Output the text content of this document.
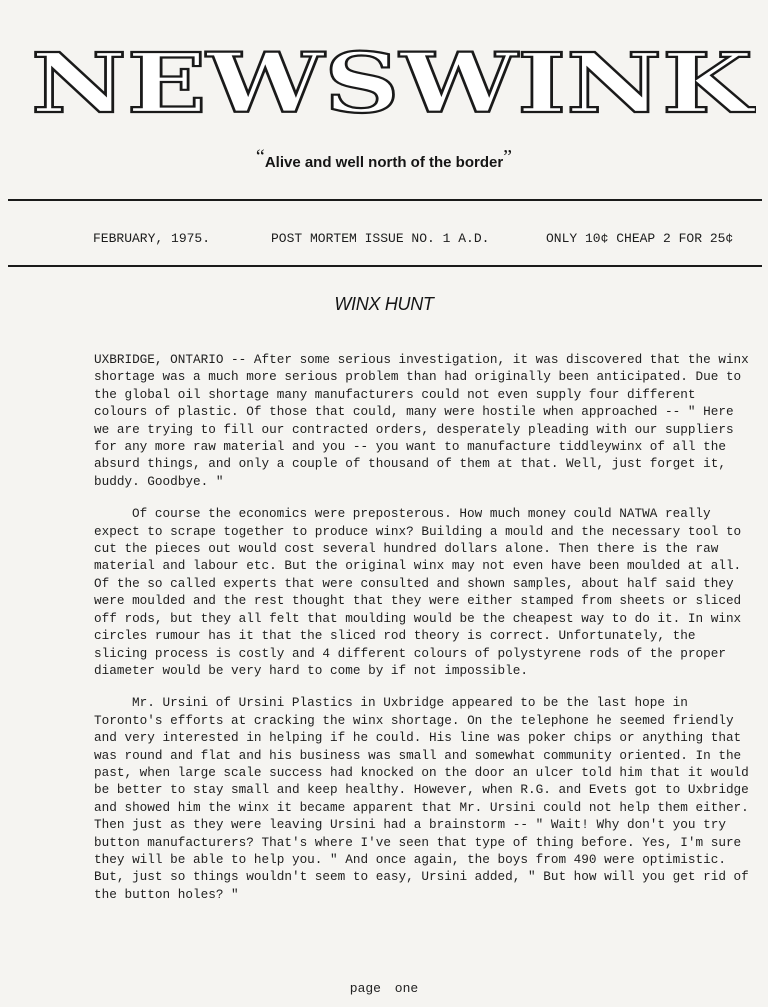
NEWSWINK
“Alive and well north of the border”
FEBRUARY, 1975.	POST MORTEM ISSUE NO. 1 A.D.	ONLY 10¢ CHEAP 2 FOR 25¢
WINX HUNT

UXBRIDGE, ONTARIO -- After some serious investigation, it was discovered that the winx shortage was a much more serious problem than had originally been anticipated. Due to the global oil shortage many manufacturers could not even supply four different colours of plastic. Of those that could, many were hostile when approached -- " Here we are trying to fill our contracted orders, desperately pleading with our suppliers for any more raw material and you -- you want to manufacture tiddleywinx of all the absurd things, and only a couple of thousand of them at that. Well, just forget it, buddy. Goodbye. "

Of course the economics were preposterous. How much money could NATWA really expect to scrape together to produce winx? Building a mould and the necessary tool to cut the pieces out would cost several hundred dollars alone. Then there is the raw material and labour etc. But the original winx may not even have been moulded at all. Of the so called experts that were consulted and shown samples, about half said they were moulded and the rest thought that they were either stamped from sheets or sliced off rods, but they all felt that moulding would be the cheapest way to do it. In winx circles rumour has it that the sliced rod theory is correct. Unfortunately, the slicing process is costly and 4 different colours of polystyrene rods of the proper diameter would be very hard to come by if not impossible.

Mr. Ursini of Ursini Plastics in Uxbridge appeared to be the last hope in Toronto's efforts at cracking the winx shortage. On the telephone he seemed friendly and very interested in helping if he could. His line was poker chips or anything that was round and flat and his business was small and somewhat community oriented. In the past, when large scale success had knocked on the door an ulcer told him that it would be better to stay small and keep healthy. However, when R.G. and Evets got to Uxbridge and showed him the winx it became apparent that Mr. Ursini could not help them either. Then just as they were leaving Ursini had a brainstorm -- " Wait! Why don't you try button manufacturers? That's where I've seen that type of thing before. Yes, I'm sure they will be able to help you. " And once again, the boys from 490 were optimistic. But, just so things wouldn't seem to easy, Ursini added, " But how will you get rid of the button holes? "

page one
